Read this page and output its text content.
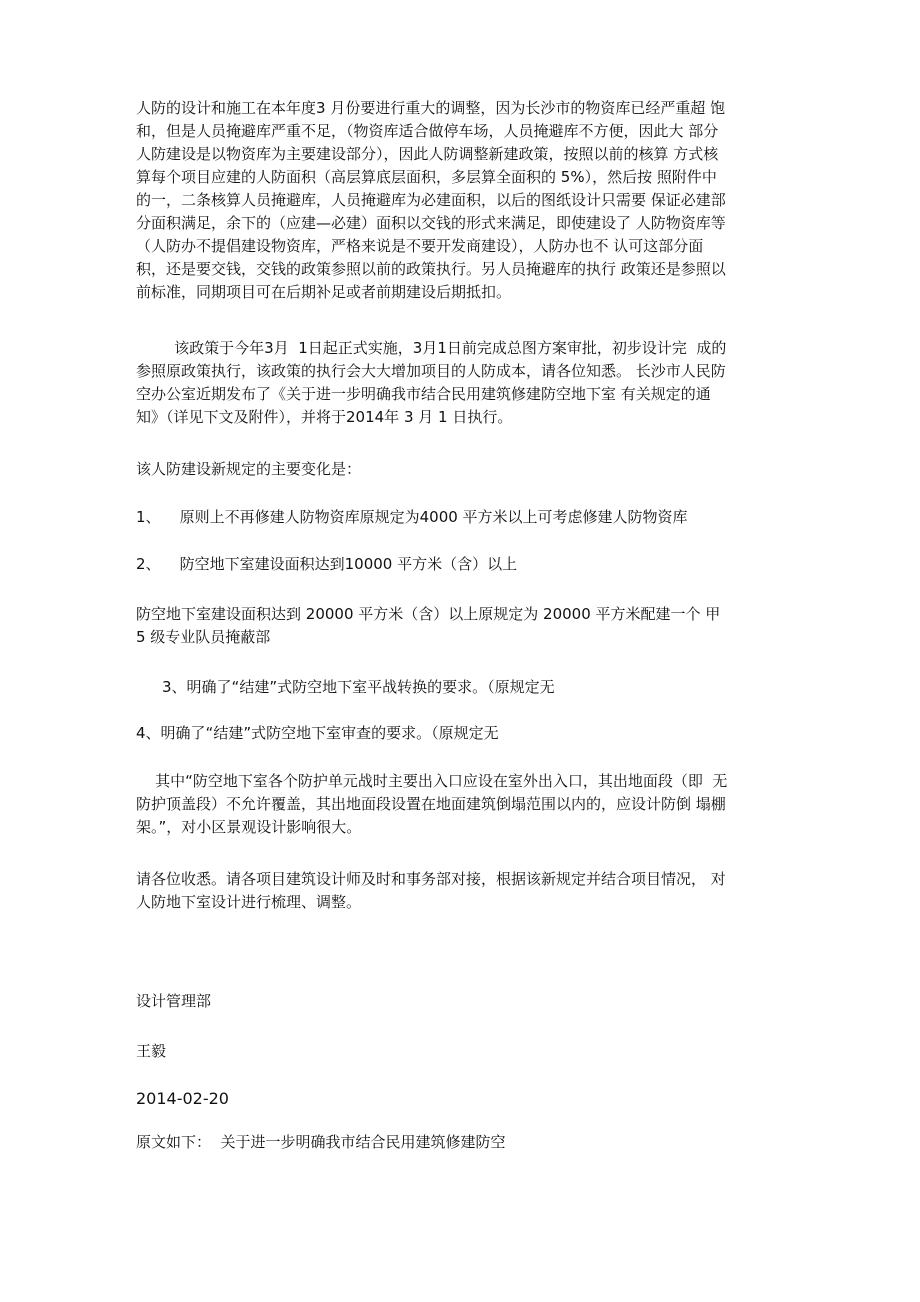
人防的设计和施工在本年度3 月份要进行重大的调整，因为长沙市的物资库已经严重超 饱
和，但是人员掩避库严重不足，（物资库适合做停车场，人员掩避库不方便，因此大 部分
人防建设是以物资库为主要建设部分），因此人防调整新建政策，按照以前的核算 方式核
算每个项目应建的人防面积（高层算底层面积，多层算全面积的 5%），然后按 照附件中
的一，二条核算人员掩避库，人员掩避库为必建面积，以后的图纸设计只需要 保证必建部
分面积满足，余下的（应建—必建）面积以交钱的形式来满足，即使建设了 人防物资库等
（人防办不提倡建设物资库，严格来说是不要开发商建设），人防办也不 认可这部分面
积，还是要交钱，交钱的政策参照以前的政策执行。另人员掩避库的执行 政策还是参照以
前标准，同期项目可在后期补足或者前期建设后期抵扣。

该政策于今年3月  1日起正式实施，3月1日前完成总图方案审批，初步设计完  成的
参照原政策执行，该政策的执行会大大增加项目的人防成本，请各位知悉。 长沙市人民防
空办公室近期发布了《关于进一步明确我市结合民用建筑修建防空地下室 有关规定的通
知》（详见下文及附件），并将于2014年 3 月 1 日执行。

该人防建设新规定的主要变化是：

1、    原则上不再修建人防物资库原规定为4000 平方米以上可考虑修建人防物资库

2、    防空地下室建设面积达到10000 平方米（含）以上

防空地下室建设面积达到 20000 平方米（含）以上原规定为 20000 平方米配建一个 甲
5 级专业队员掩蔽部

3、明确了“结建”式防空地下室平战转换的要求。（原规定无

4、明确了“结建”式防空地下室审查的要求。（原规定无

其中“防空地下室各个防护单元战时主要出入口应设在室外出入口，其出地面段（即  无
防护顶盖段）不允许覆盖，其出地面段设置在地面建筑倒塌范围以内的，应设计防倒 塌棚
架。”，对小区景观设计影响很大。

请各位收悉。请各项目建筑设计师及时和事务部对接，根据该新规定并结合项目情况， 对
人防地下室设计进行梳理、调整。

设计管理部

王毅

2014-02-20

原文如下：  关于进一步明确我市结合民用建筑修建防空
